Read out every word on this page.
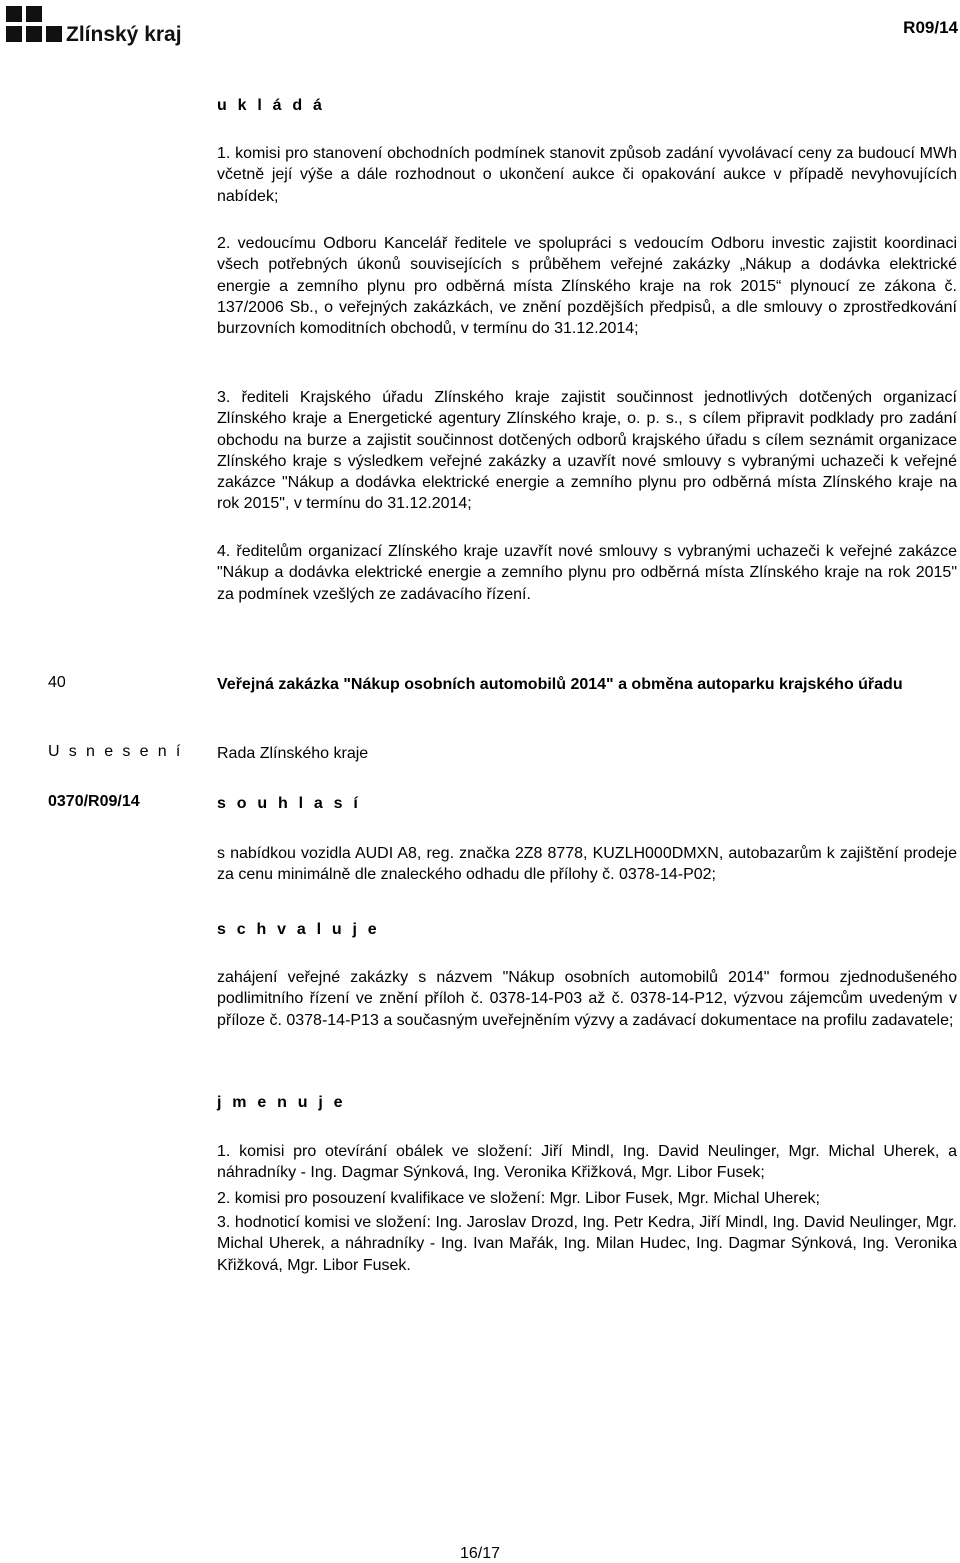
Zlínský kraj	R09/14
u k l á d á
1. komisi pro stanovení obchodních podmínek stanovit způsob zadání vyvolávací ceny za budoucí MWh včetně její výše a dále rozhodnout o ukončení aukce či opakování aukce v případě nevyhovujících nabídek;
2. vedoucímu Odboru Kancelář ředitele ve spolupráci s vedoucím Odboru investic zajistit koordinaci všech potřebných úkonů souvisejících s průběhem veřejné zakázky „Nákup a dodávka elektrické energie a zemního plynu pro odběrná místa Zlínského kraje na rok 2015“ plynoucí ze zákona č. 137/2006 Sb., o veřejných zakázkách, ve znění pozdějších předpisů, a dle smlouvy o zprostředkování burzovních komoditních obchodů, v termínu do 31.12.2014;
3. řediteli Krajského úřadu Zlínského kraje zajistit součinnost jednotlivých dotčených organizací Zlínského kraje a Energetické agentury Zlínského kraje, o. p. s., s cílem připravit podklady pro zadání obchodu na burze a zajistit součinnost dotčených odborů krajského úřadu s cílem seznámit organizace Zlínského kraje s výsledkem veřejné zakázky a uzavřít nové smlouvy s vybranými uchazeči k veřejné zakázce "Nákup a dodávka elektrické energie a zemního plynu pro odběrná místa Zlínského kraje na rok 2015", v termínu do 31.12.2014;
4. ředitelům organizací Zlínského kraje uzavřít nové smlouvy s vybranými uchazeči k veřejné zakázce "Nákup a dodávka elektrické energie a zemního plynu pro odběrná místa Zlínského kraje na rok 2015" za podmínek vzešlých ze zadávacího řízení.
40	Veřejná zakázka "Nákup osobních automobilů 2014" a obměna autoparku krajského úřadu
U s n e s e n í Rada Zlínského kraje
0370/R09/14	s o u h l a s í
s nabídkou vozidla AUDI A8, reg. značka 2Z8 8778, KUZLH000DMXN, autobazarům k zajištění prodeje za cenu minimálně dle znaleckého odhadu dle přílohy č. 0378-14-P02;
s c h v a l u j e
zahájení veřejné zakázky s názvem "Nákup osobních automobilů 2014" formou zjednodušeného podlimitního řízení ve znění příloh č. 0378-14-P03 až č. 0378-14-P12, výzvou zájemcům uvedeným v příloze č. 0378-14-P13 a současným uveřejněním výzvy a zadávací dokumentace na profilu zadavatele;
j m e n u j e
1. komisi pro otevírání obálek ve složení: Jiří Mindl, Ing. David Neulinger, Mgr. Michal Uherek, a náhradníky - Ing. Dagmar Sýnková, Ing. Veronika Křižková, Mgr. Libor Fusek;
2. komisi pro posouzení kvalifikace ve složení: Mgr. Libor Fusek, Mgr. Michal Uherek;
3. hodnoticí komisi ve složení: Ing. Jaroslav Drozd, Ing. Petr Kedra, Jiří Mindl, Ing. David Neulinger, Mgr. Michal Uherek, a náhradníky - Ing. Ivan Mařák, Ing. Milan Hudec, Ing. Dagmar Sýnková, Ing. Veronika Křižková, Mgr. Libor Fusek.
16/17
